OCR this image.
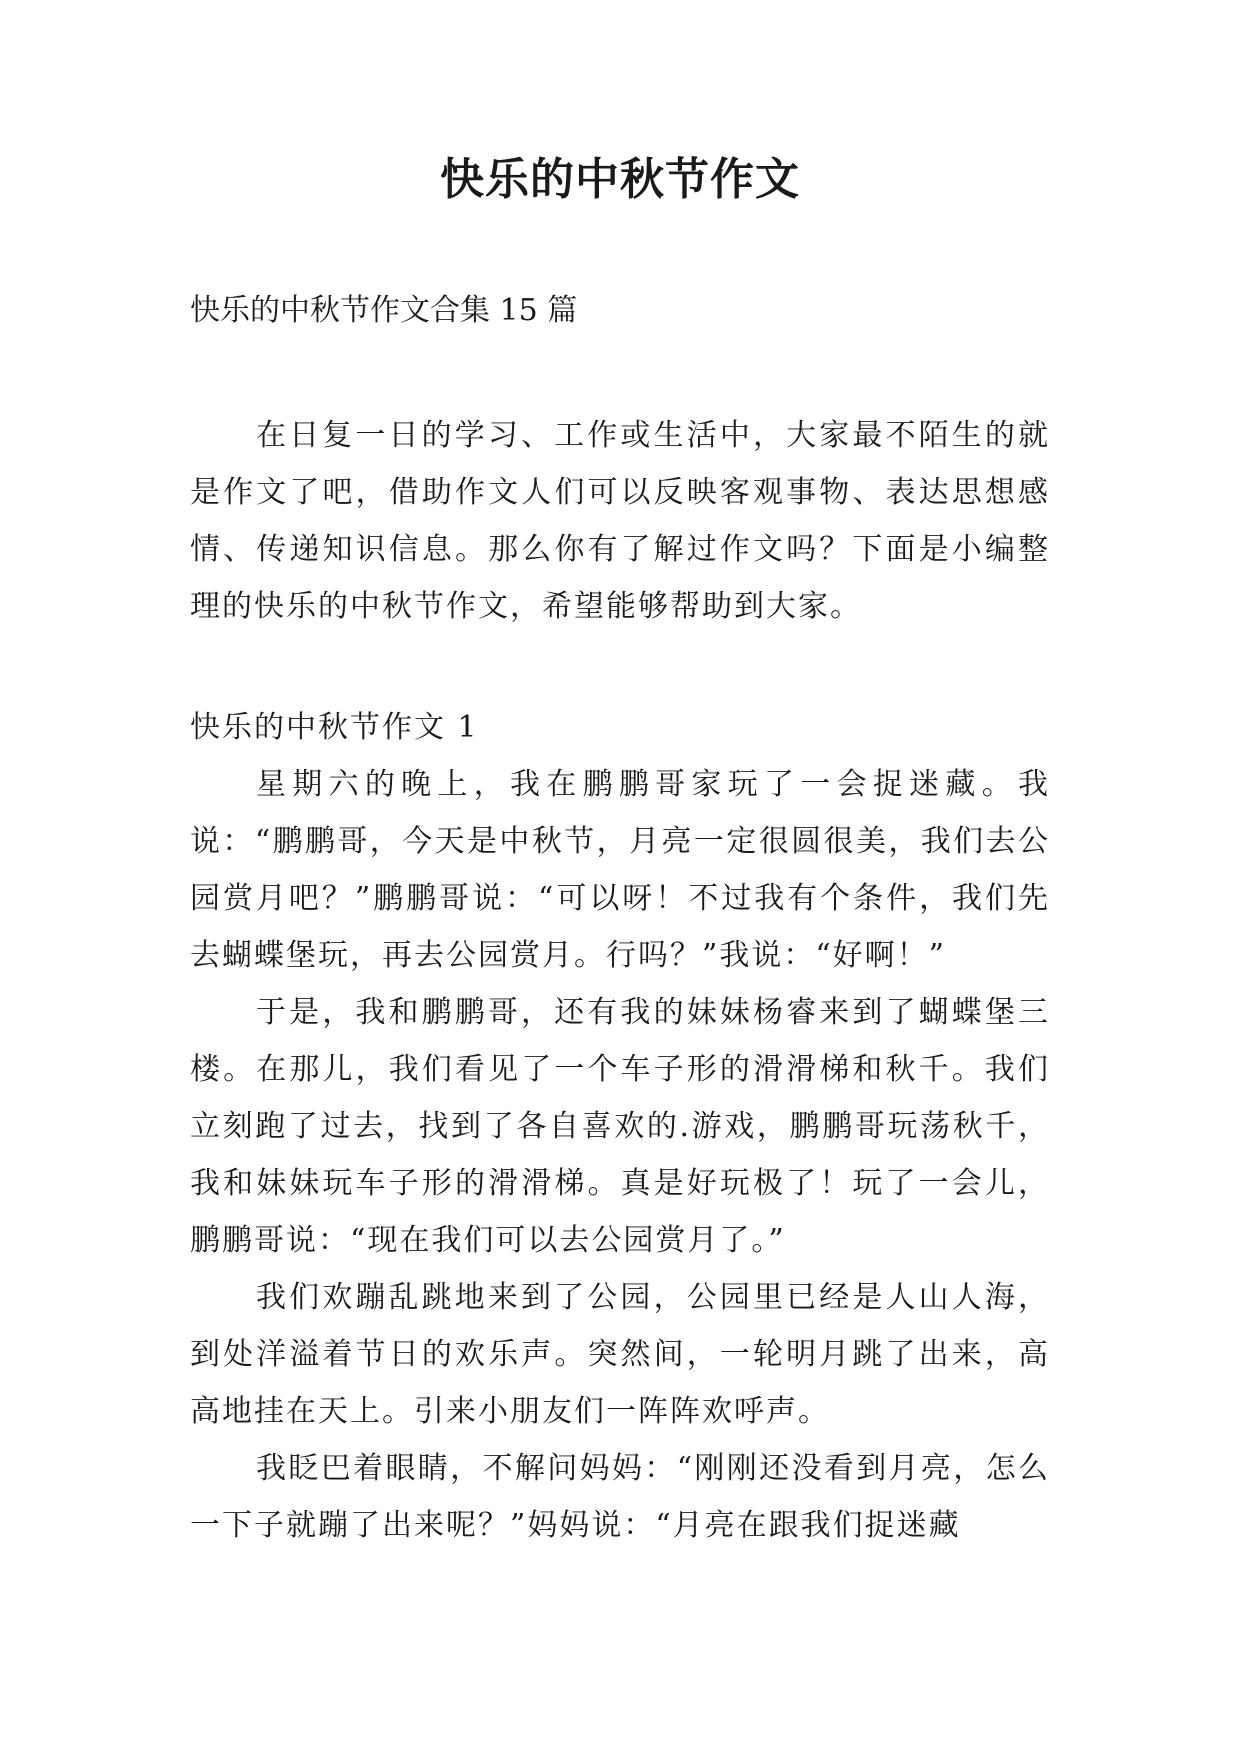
快乐的中秋节作文

快乐的中秋节作文合集 15 篇

在日复一日的学习、工作或生活中，大家最不陌生的就是作文了吧，借助作文人们可以反映客观事物、表达思想感情、传递知识信息。那么你有了解过作文吗？下面是小编整理的快乐的中秋节作文，希望能够帮助到大家。

快乐的中秋节作文 1

星期六的晚上，我在鹏鹏哥家玩了一会捉迷藏。我说：“鹏鹏哥，今天是中秋节，月亮一定很圆很美，我们去公园赏月吧？”鹏鹏哥说：“可以呀！不过我有个条件，我们先去蝴蝶堡玩，再去公园赏月。行吗？”我说：“好啊！”

于是，我和鹏鹏哥，还有我的妹妹杨睿来到了蝴蝶堡三楼。在那儿，我们看见了一个车子形的滑滑梯和秋千。我们立刻跑了过去，找到了各自喜欢的.游戏，鹏鹏哥玩荡秋千，我和妹妹玩车子形的滑滑梯。真是好玩极了！玩了一会儿，鹏鹏哥说：“现在我们可以去公园赏月了。”

我们欢蹦乱跳地来到了公园，公园里已经是人山人海，到处洋溢着节日的欢乐声。突然间，一轮明月跳了出来，高高地挂在天上。引来小朋友们一阵阵欢呼声。

我眨巴着眼睛，不解问妈妈：“刚刚还没看到月亮，怎么一下子就蹦了出来呢？”妈妈说：“月亮在跟我们捉迷藏
